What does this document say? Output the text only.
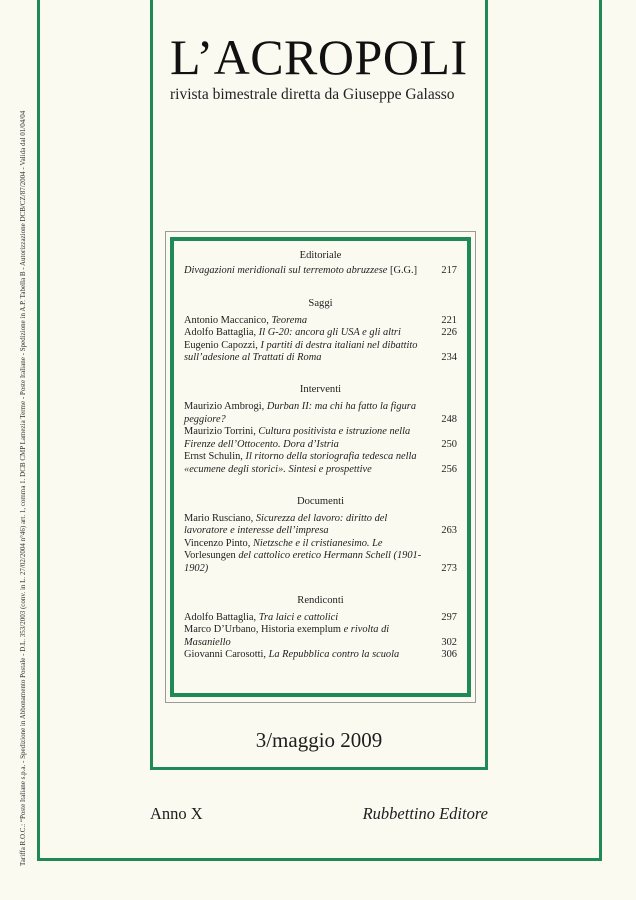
Tariffa R.O.C.: “Poste Italiane s.p.a. - Spedizione in Abbonamento Postale - D.L. 353/2003 (conv. in L. 27/02/2004 n°46) art. 1, comma 1. DCB CMP Lamezia Terme - Poste Italiane - Spedizione in A.P. Tabella B - Autorizzazione DCB/CZ/87/2004 - Valida dal 01/04/04
L’ACROPOLI
rivista bimestrale diretta da Giuseppe Galasso
Editoriale
Divagazioni meridionali sul terremoto abruzzese [G.G.]	217
Saggi
Antonio Maccanico, Teorema	221
Adolfo Battaglia, Il G-20: ancora gli USA e gli altri	226
Eugenio Capozzi, I partiti di destra italiani nel dibattito sull’adesione al Trattati di Roma	234
Interventi
Maurizio Ambrogi, Durban II: ma chi ha fatto la figura peggiore?	248
Maurizio Torrini, Cultura positivista e istruzione nella Firenze dell’Ottocento. Dora d’Istria	250
Ernst Schulin, Il ritorno della storiografia tedesca nella «ecumene degli storici». Sintesi e prospettive	256
Documenti
Mario Rusciano, Sicurezza del lavoro: diritto del lavoratore e interesse dell’impresa	263
Vincenzo Pinto, Nietzsche e il cristianesimo. Le Vorlesungen del cattolico eretico Hermann Schell (1901-1902)	273
Rendiconti
Adolfo Battaglia, Tra laici e cattolici	297
Marco D’Urbano, Historia exemplum e rivolta di Masaniello	302
Giovanni Carosotti, La Repubblica contro la scuola	306
3/maggio 2009
Anno X	Rubbettino Editore
